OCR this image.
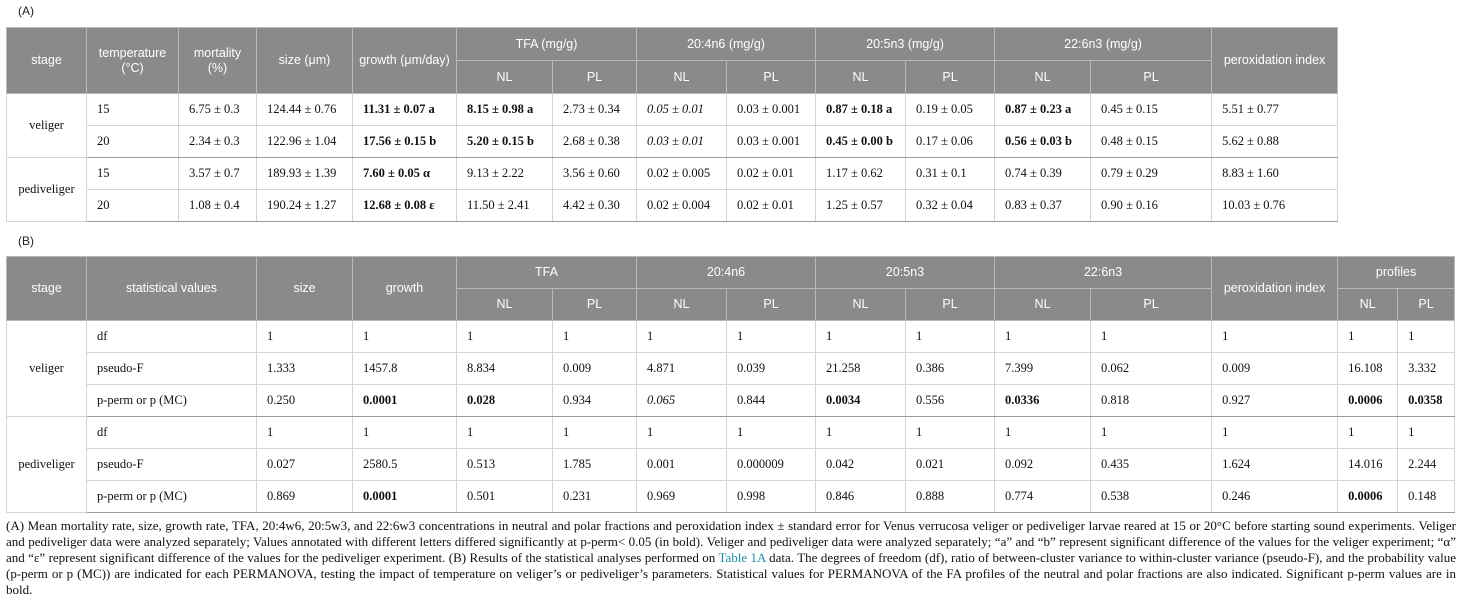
(A)
stage	temperature (°C)	mortality (%)	size (μm)	growth (μm/day)	TFA (mg/g)		20:4n6 (mg/g)		20:5n3 (mg/g)		22:6n3 (mg/g)		peroxidation index
					NL	PL	NL	PL	NL	PL	NL	PL	
veliger	15	6.75 ± 0.3	124.44 ± 0.76	11.31 ± 0.07 a	8.15 ± 0.98 a	2.73 ± 0.34	0.05 ± 0.01	0.03 ± 0.001	0.87 ± 0.18 a	0.19 ± 0.05	0.87 ± 0.23 a	0.45 ± 0.15	5.51 ± 0.77
	20	2.34 ± 0.3	122.96 ± 1.04	17.56 ± 0.15 b	5.20 ± 0.15 b	2.68 ± 0.38	0.03 ± 0.01	0.03 ± 0.001	0.45 ± 0.00 b	0.17 ± 0.06	0.56 ± 0.03 b	0.48 ± 0.15	5.62 ± 0.88
pediveliger	15	3.57 ± 0.7	189.93 ± 1.39	7.60 ± 0.05 α	9.13 ± 2.22	3.56 ± 0.60	0.02 ± 0.005	0.02 ± 0.01	1.17 ± 0.62	0.31 ± 0.1	0.74 ± 0.39	0.79 ± 0.29	8.83 ± 1.60
	20	1.08 ± 0.4	190.24 ± 1.27	12.68 ± 0.08 ε	11.50 ± 2.41	4.42 ± 0.30	0.02 ± 0.004	0.02 ± 0.01	1.25 ± 0.57	0.32 ± 0.04	0.83 ± 0.37	0.90 ± 0.16	10.03 ± 0.76
(B)
stage	statistical values	size	growth	TFA		20:4n6		20:5n3		22:6n3		peroxidation index	profiles	
				NL	PL	NL	PL	NL	PL	NL	PL		NL	PL
veliger	df	1	1	1	1	1	1	1	1	1	1	1	1	1
	pseudo-F	1.333	1457.8	8.834	0.009	4.871	0.039	21.258	0.386	7.399	0.062	0.009	16.108	3.332
	p-perm or p (MC)	0.250	0.0001	0.028	0.934	0.065	0.844	0.0034	0.556	0.0336	0.818	0.927	0.0006	0.0358
pediveliger	df	1	1	1	1	1	1	1	1	1	1	1	1	1
	pseudo-F	0.027	2580.5	0.513	1.785	0.001	0.000009	0.042	0.021	0.092	0.435	1.624	14.016	2.244
	p-perm or p (MC)	0.869	0.0001	0.501	0.231	0.969	0.998	0.846	0.888	0.774	0.538	0.246	0.0006	0.148
(A) Mean mortality rate, size, growth rate, TFA, 20:4w6, 20:5w3, and 22:6w3 concentrations in neutral and polar fractions and peroxidation index ± standard error for Venus verrucosa veliger or pediveliger larvae reared at 15 or 20°C before starting sound experiments. Veliger and pediveliger data were analyzed separately; Values annotated with different letters differed significantly at p-perm< 0.05 (in bold). Veliger and pediveliger data were analyzed separately; “a” and “b” represent significant difference of the values for the veliger experiment; “α” and “ε” represent significant difference of the values for the pediveliger experiment. (B) Results of the statistical analyses performed on Table 1A data. The degrees of freedom (df), ratio of between-cluster variance to within-cluster variance (pseudo-F), and the probability value (p-perm or p (MC)) are indicated for each PERMANOVA, testing the impact of temperature on veliger’s or pediveliger’s parameters. Statistical values for PERMANOVA of the FA profiles of the neutral and polar fractions are also indicated. Significant p-perm values are in bold.
